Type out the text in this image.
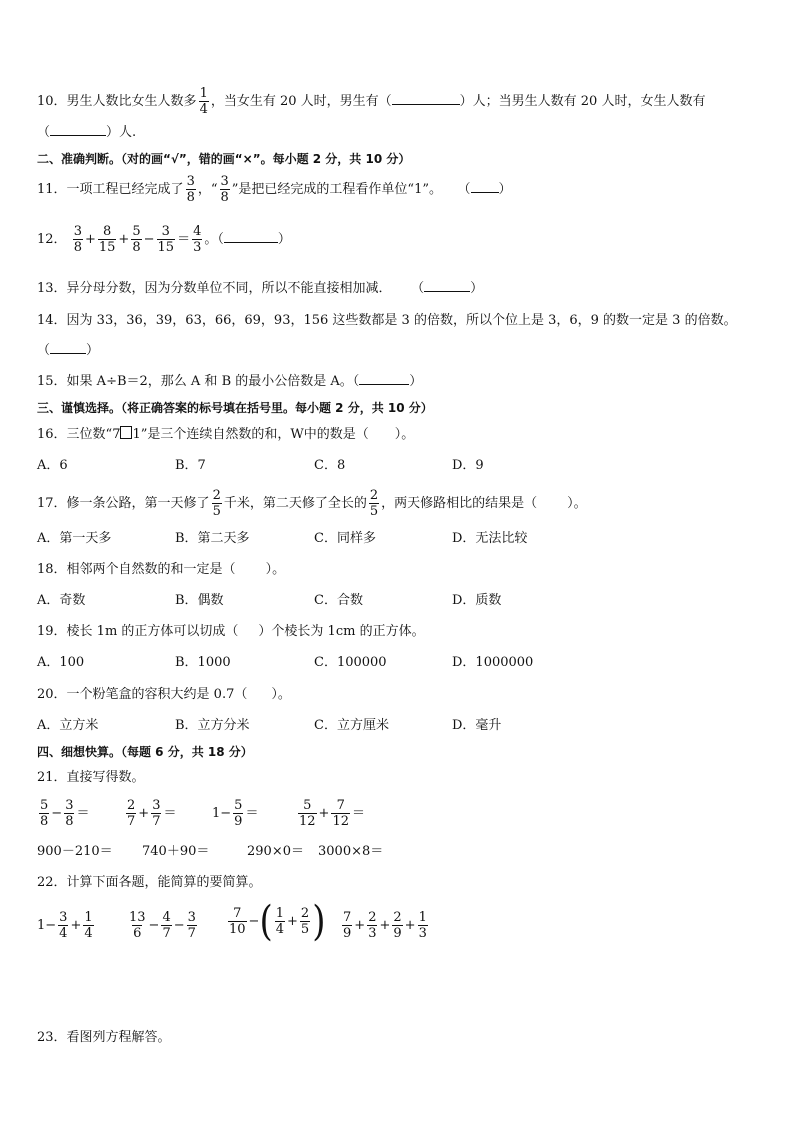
10．男生人数比女生人数多 $\frac{1}{4}$ ，当女生有 20 人时，男生有（	）人；当男生人数有 20 人时，女生人数有
（	）人.
二、准确判断。（对的画“√”，错的画“×”。每小题 2 分，共 10 分）
11．一项工程已经完成了 $\frac{3}{8}$ ，“ $\frac{3}{8}$ ”是把已经完成的工程看作单位“1”。 （ ）
12． $\frac{3}{8} + \frac{8}{15} + \frac{5}{8} - \frac{3}{15} = \frac{4}{3}$ 。（	）
13．异分母分数，因为分数单位不同，所以不能直接相加减． （	）
14．因为 33，36，39，63，66，69，93，156 这些数都是 3 的倍数，所以个位上是 3，6，9 的数一定是 3 的倍数。
（	）
15．如果 A÷B＝2，那么 A 和 B 的最小公倍数是 A。（	）
三、谨慎选择。（将正确答案的标号填在括号里。每小题 2 分，共 10 分）
16．三位数“7 1”是三个连续自然数的和，W中的数是（ ）。
A．6	B．7	C．8	D．9
17．修一条公路，第一天修了 $\frac{2}{5}$ 千米，第二天修了全长的 $\frac{2}{5}$ ，两天修路相比的结果是（ ）。
A．第一天多	B．第二天多	C．同样多	D．无法比较
18．相邻两个自然数的和一定是（ ）。
A．奇数	B．偶数	C．合数	D．质数
19．棱长 1m 的正方体可以切成（ ）个棱长为 1cm 的正方体。
A．100	B．1000	C．100000	D．1000000
20．一个粉笔盒的容积大约是 0.7（ ）。
A．立方米	B．立方分米	C．立方厘米	D．毫升
四、细想快算。（每题 6 分，共 18 分）
21．直接写得数。
$\frac{5}{8} - \frac{3}{8}$ ＝	$\frac{2}{7} + \frac{3}{7}$ ＝	$1- \frac{5}{9}$ ＝	$\frac{5}{12} + \frac{7}{12}$ ＝
900－210＝ 740＋90＝	290×0＝ 3000×8＝
22．计算下面各题，能简算的要简算。
$1- \frac{3}{4} + \frac{1}{4}$	$\frac{13}{6} - \frac{4}{7} - \frac{3}{7} \frac{7}{10}$ −( $\frac{1}{4} + \frac{2}{5}$ ) $\frac{7}{9} + \frac{2}{3} + \frac{2}{9} + \frac{1}{3}$
23．看图列方程解答。
